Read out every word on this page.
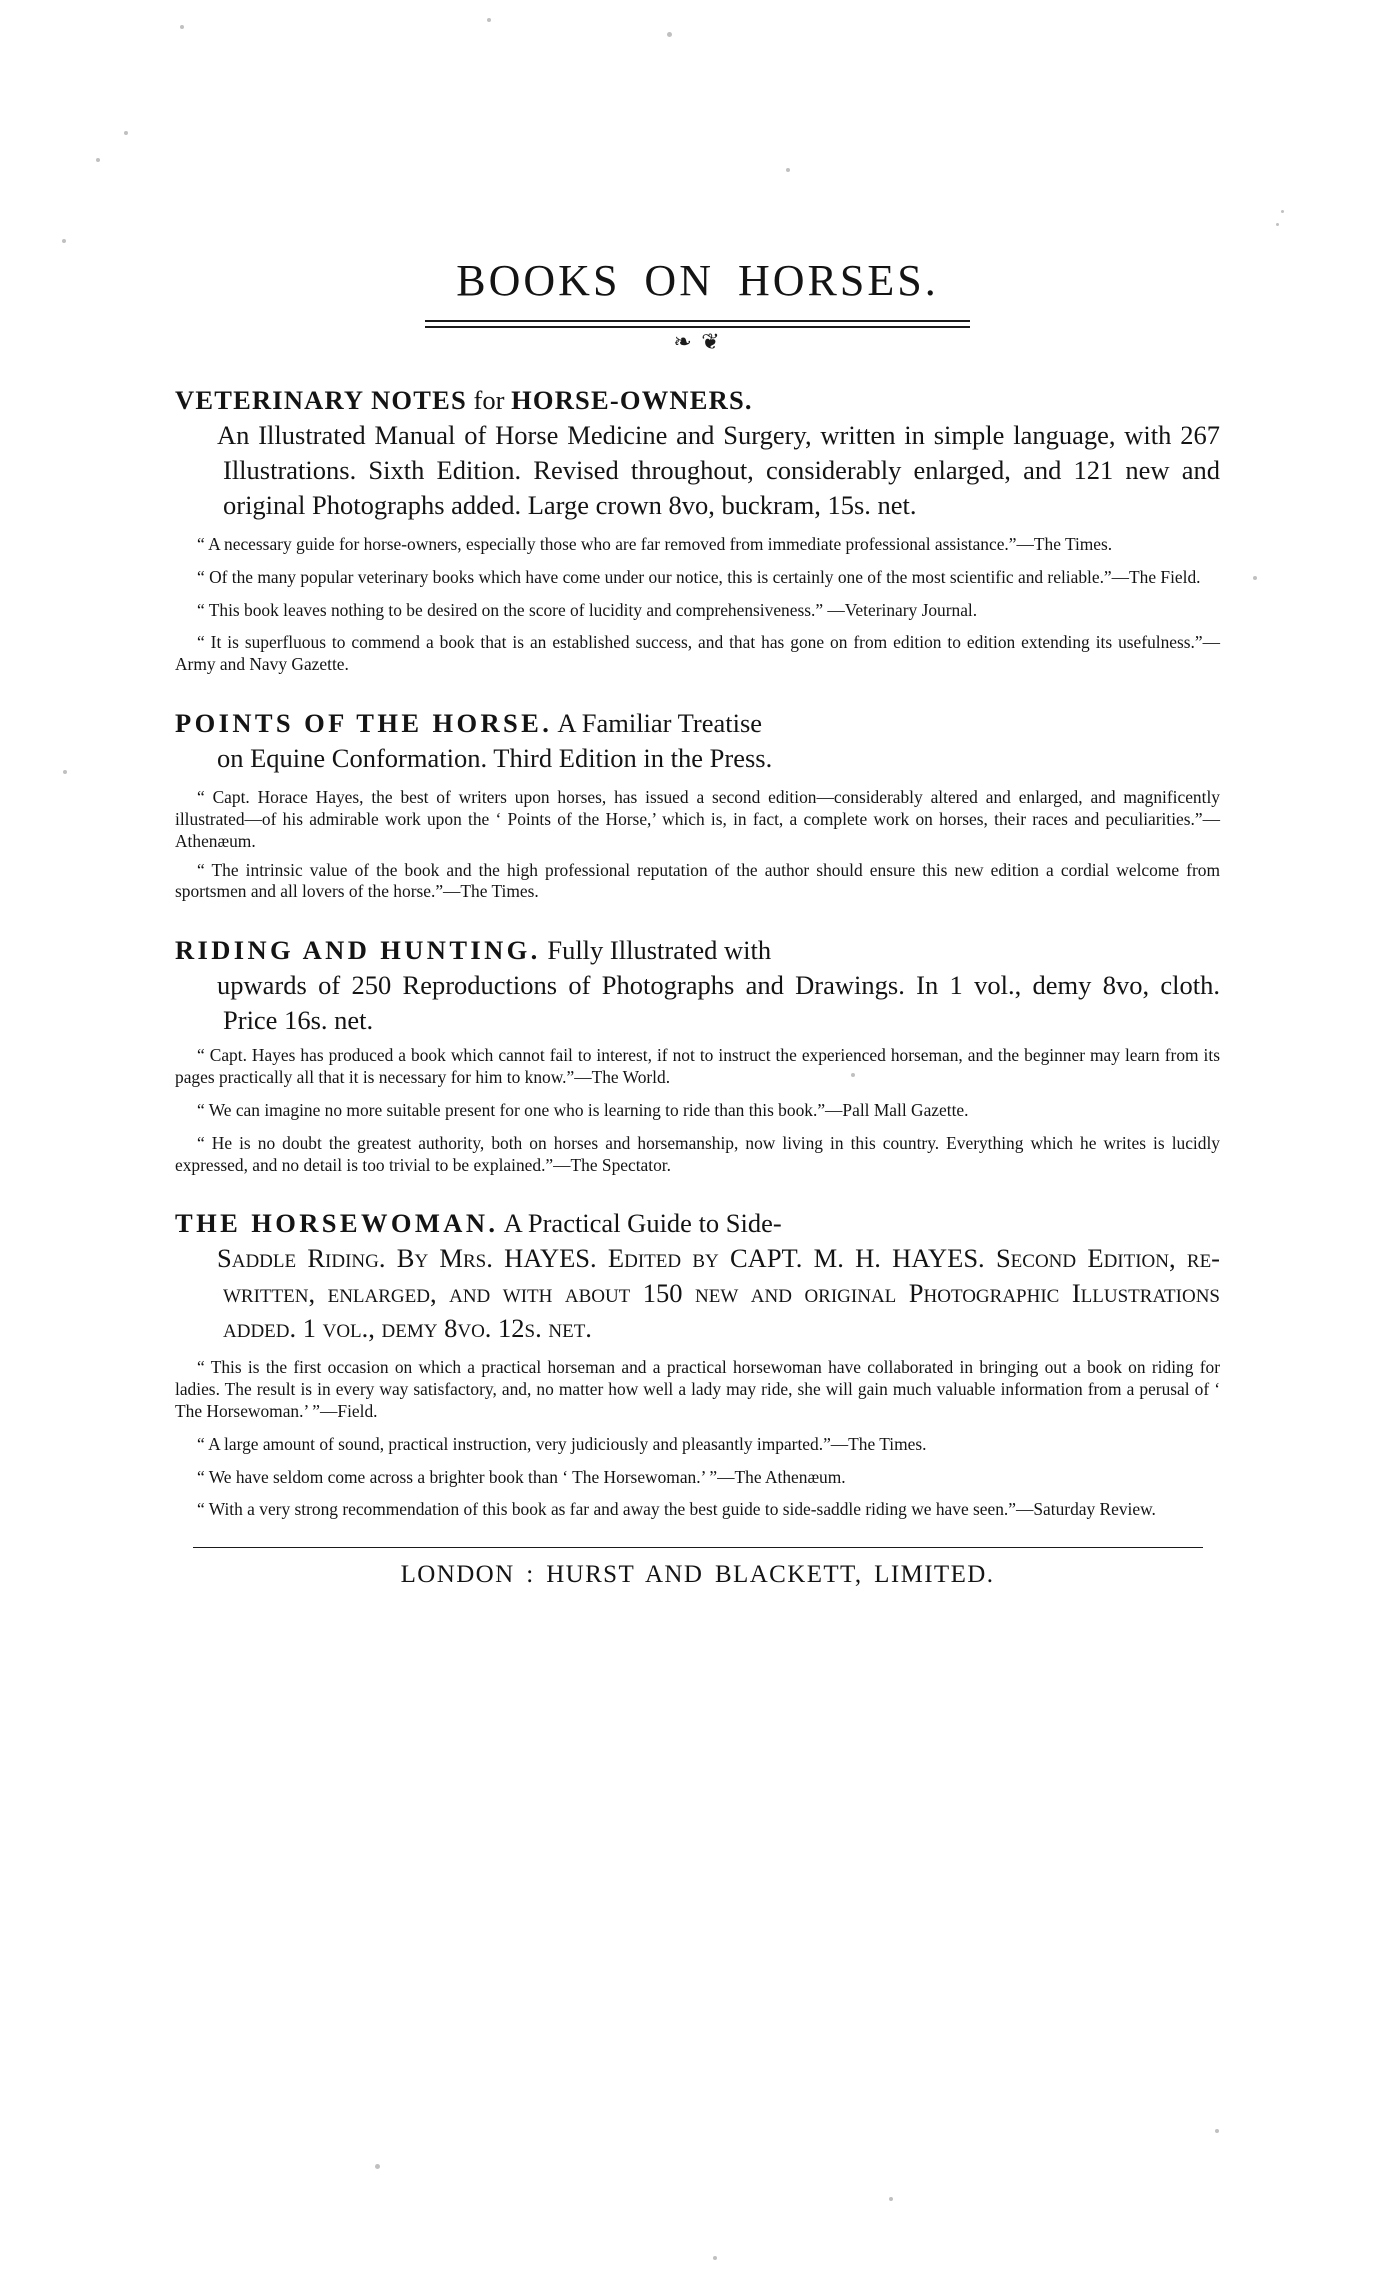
BOOKS ON HORSES.
❧ ❦

VETERINARY NOTES for HORSE-OWNERS.
An Illustrated Manual of Horse Medicine and Surgery, written in simple language, with 267 Illustrations. Sixth Edition. Revised throughout, considerably enlarged, and 121 new and original Photographs added. Large crown 8vo, buckram, 15s. net.

“ A necessary guide for horse-owners, especially those who are far removed from immediate professional assistance.”—The Times.

“ Of the many popular veterinary books which have come under our notice, this is certainly one of the most scientific and reliable.”—The Field.

“ This book leaves nothing to be desired on the score of lucidity and comprehensiveness.” —Veterinary Journal.

“ It is superfluous to commend a book that is an established success, and that has gone on from edition to edition extending its usefulness.”—Army and Navy Gazette.

POINTS OF THE HORSE. A Familiar Treatise
on Equine Conformation. Third Edition in the Press.

“ Capt. Horace Hayes, the best of writers upon horses, has issued a second edition—considerably altered and enlarged, and magnificently illustrated—of his admirable work upon the ‘ Points of the Horse,’ which is, in fact, a complete work on horses, their races and peculiarities.”—Athenæum.

“ The intrinsic value of the book and the high professional reputation of the author should ensure this new edition a cordial welcome from sportsmen and all lovers of the horse.”—The Times.

RIDING AND HUNTING. Fully Illustrated with
upwards of 250 Reproductions of Photographs and Drawings. In 1 vol., demy 8vo, cloth. Price 16s. net.

“ Capt. Hayes has produced a book which cannot fail to interest, if not to instruct the experienced horseman, and the beginner may learn from its pages practically all that it is necessary for him to know.”—The World.

“ We can imagine no more suitable present for one who is learning to ride than this book.”—Pall Mall Gazette.

“ He is no doubt the greatest authority, both on horses and horsemanship, now living in this country. Everything which he writes is lucidly expressed, and no detail is too trivial to be explained.”—The Spectator.

THE HORSEWOMAN. A Practical Guide to Side-
Saddle Riding. By Mrs. HAYES. Edited by CAPT. M. H. HAYES. Second Edition, re-written, enlarged, and with about 150 new and original Photographic Illustrations added. 1 vol., demy 8vo. 12s. net.

“ This is the first occasion on which a practical horseman and a practical horsewoman have collaborated in bringing out a book on riding for ladies. The result is in every way satisfactory, and, no matter how well a lady may ride, she will gain much valuable information from a perusal of ‘ The Horsewoman.’ ”—Field.

“ A large amount of sound, practical instruction, very judiciously and pleasantly imparted.”—The Times.

“ We have seldom come across a brighter book than ‘ The Horsewoman.’ ”—The Athenæum.

“ With a very strong recommendation of this book as far and away the best guide to side-saddle riding we have seen.”—Saturday Review.

LONDON : HURST AND BLACKETT, LIMITED.
